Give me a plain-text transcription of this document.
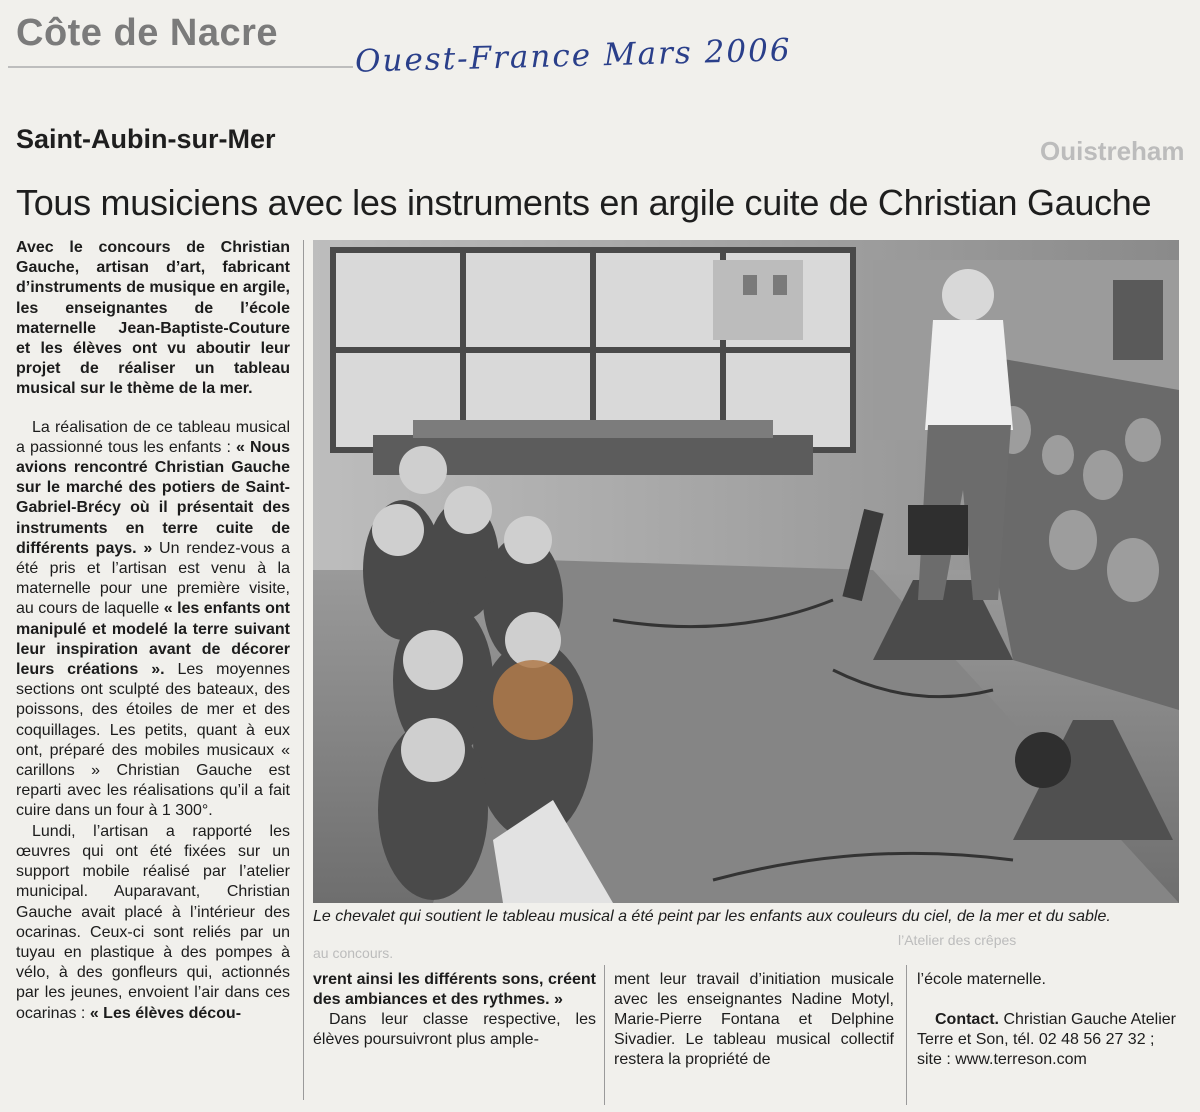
Côte de Nacre Ouest-France Mars 2006
Ouistreham
Saint-Aubin-sur-Mer
Tous musiciens avec les instruments en argile cuite de Christian Gauche

Avec le concours de Christian Gauche, artisan d’art, fabricant d’instruments de musique en argile, les enseignantes de l’école maternelle Jean-Baptiste-Couture et les élèves ont vu aboutir leur projet de réaliser un tableau musical sur le thème de la mer.

La réalisation de ce tableau musical a passionné tous les enfants : « Nous avions rencontré Christian Gauche sur le marché des potiers de Saint-Gabriel-Brécy où il présentait des instruments en terre cuite de différents pays. » Un rendez-vous a été pris et l’artisan est venu à la maternelle pour une première visite, au cours de laquelle « les enfants ont manipulé et modelé la terre suivant leur inspiration avant de décorer leurs créations ». Les moyennes sections ont sculpté des bateaux, des poissons, des étoiles de mer et des coquillages. Les petits, quant à eux ont, préparé des mobiles musicaux « carillons » Christian Gauche est reparti avec les réalisations qu’il a fait cuire dans un four à 1 300°.

Lundi, l’artisan a rapporté les œuvres qui ont été fixées sur un support mobile réalisé par l’atelier municipal. Auparavant, Christian Gauche avait placé à l’intérieur des ocarinas. Ceux-ci sont reliés par un tuyau en plastique à des pompes à vélo, à des gonfleurs qui, actionnés par les jeunes, envoient l’air dans ces ocarinas : « Les élèves décou-

Le chevalet qui soutient le tableau musical a été peint par les enfants aux couleurs du ciel, de la mer et du sable.
au concours.
l’Atelier des crêpes

vrent ainsi les différents sons, créent des ambiances et des rythmes. »

Dans leur classe respective, les élèves poursuivront plus ample-

ment leur travail d’initiation musicale avec les enseignantes Nadine Motyl, Marie-Pierre Fontana et Delphine Sivadier. Le tableau musical collectif restera la propriété de

l’école maternelle.

Contact. Christian Gauche Atelier Terre et Son, tél. 02 48 56 27 32 ; site : www.terreson.com
